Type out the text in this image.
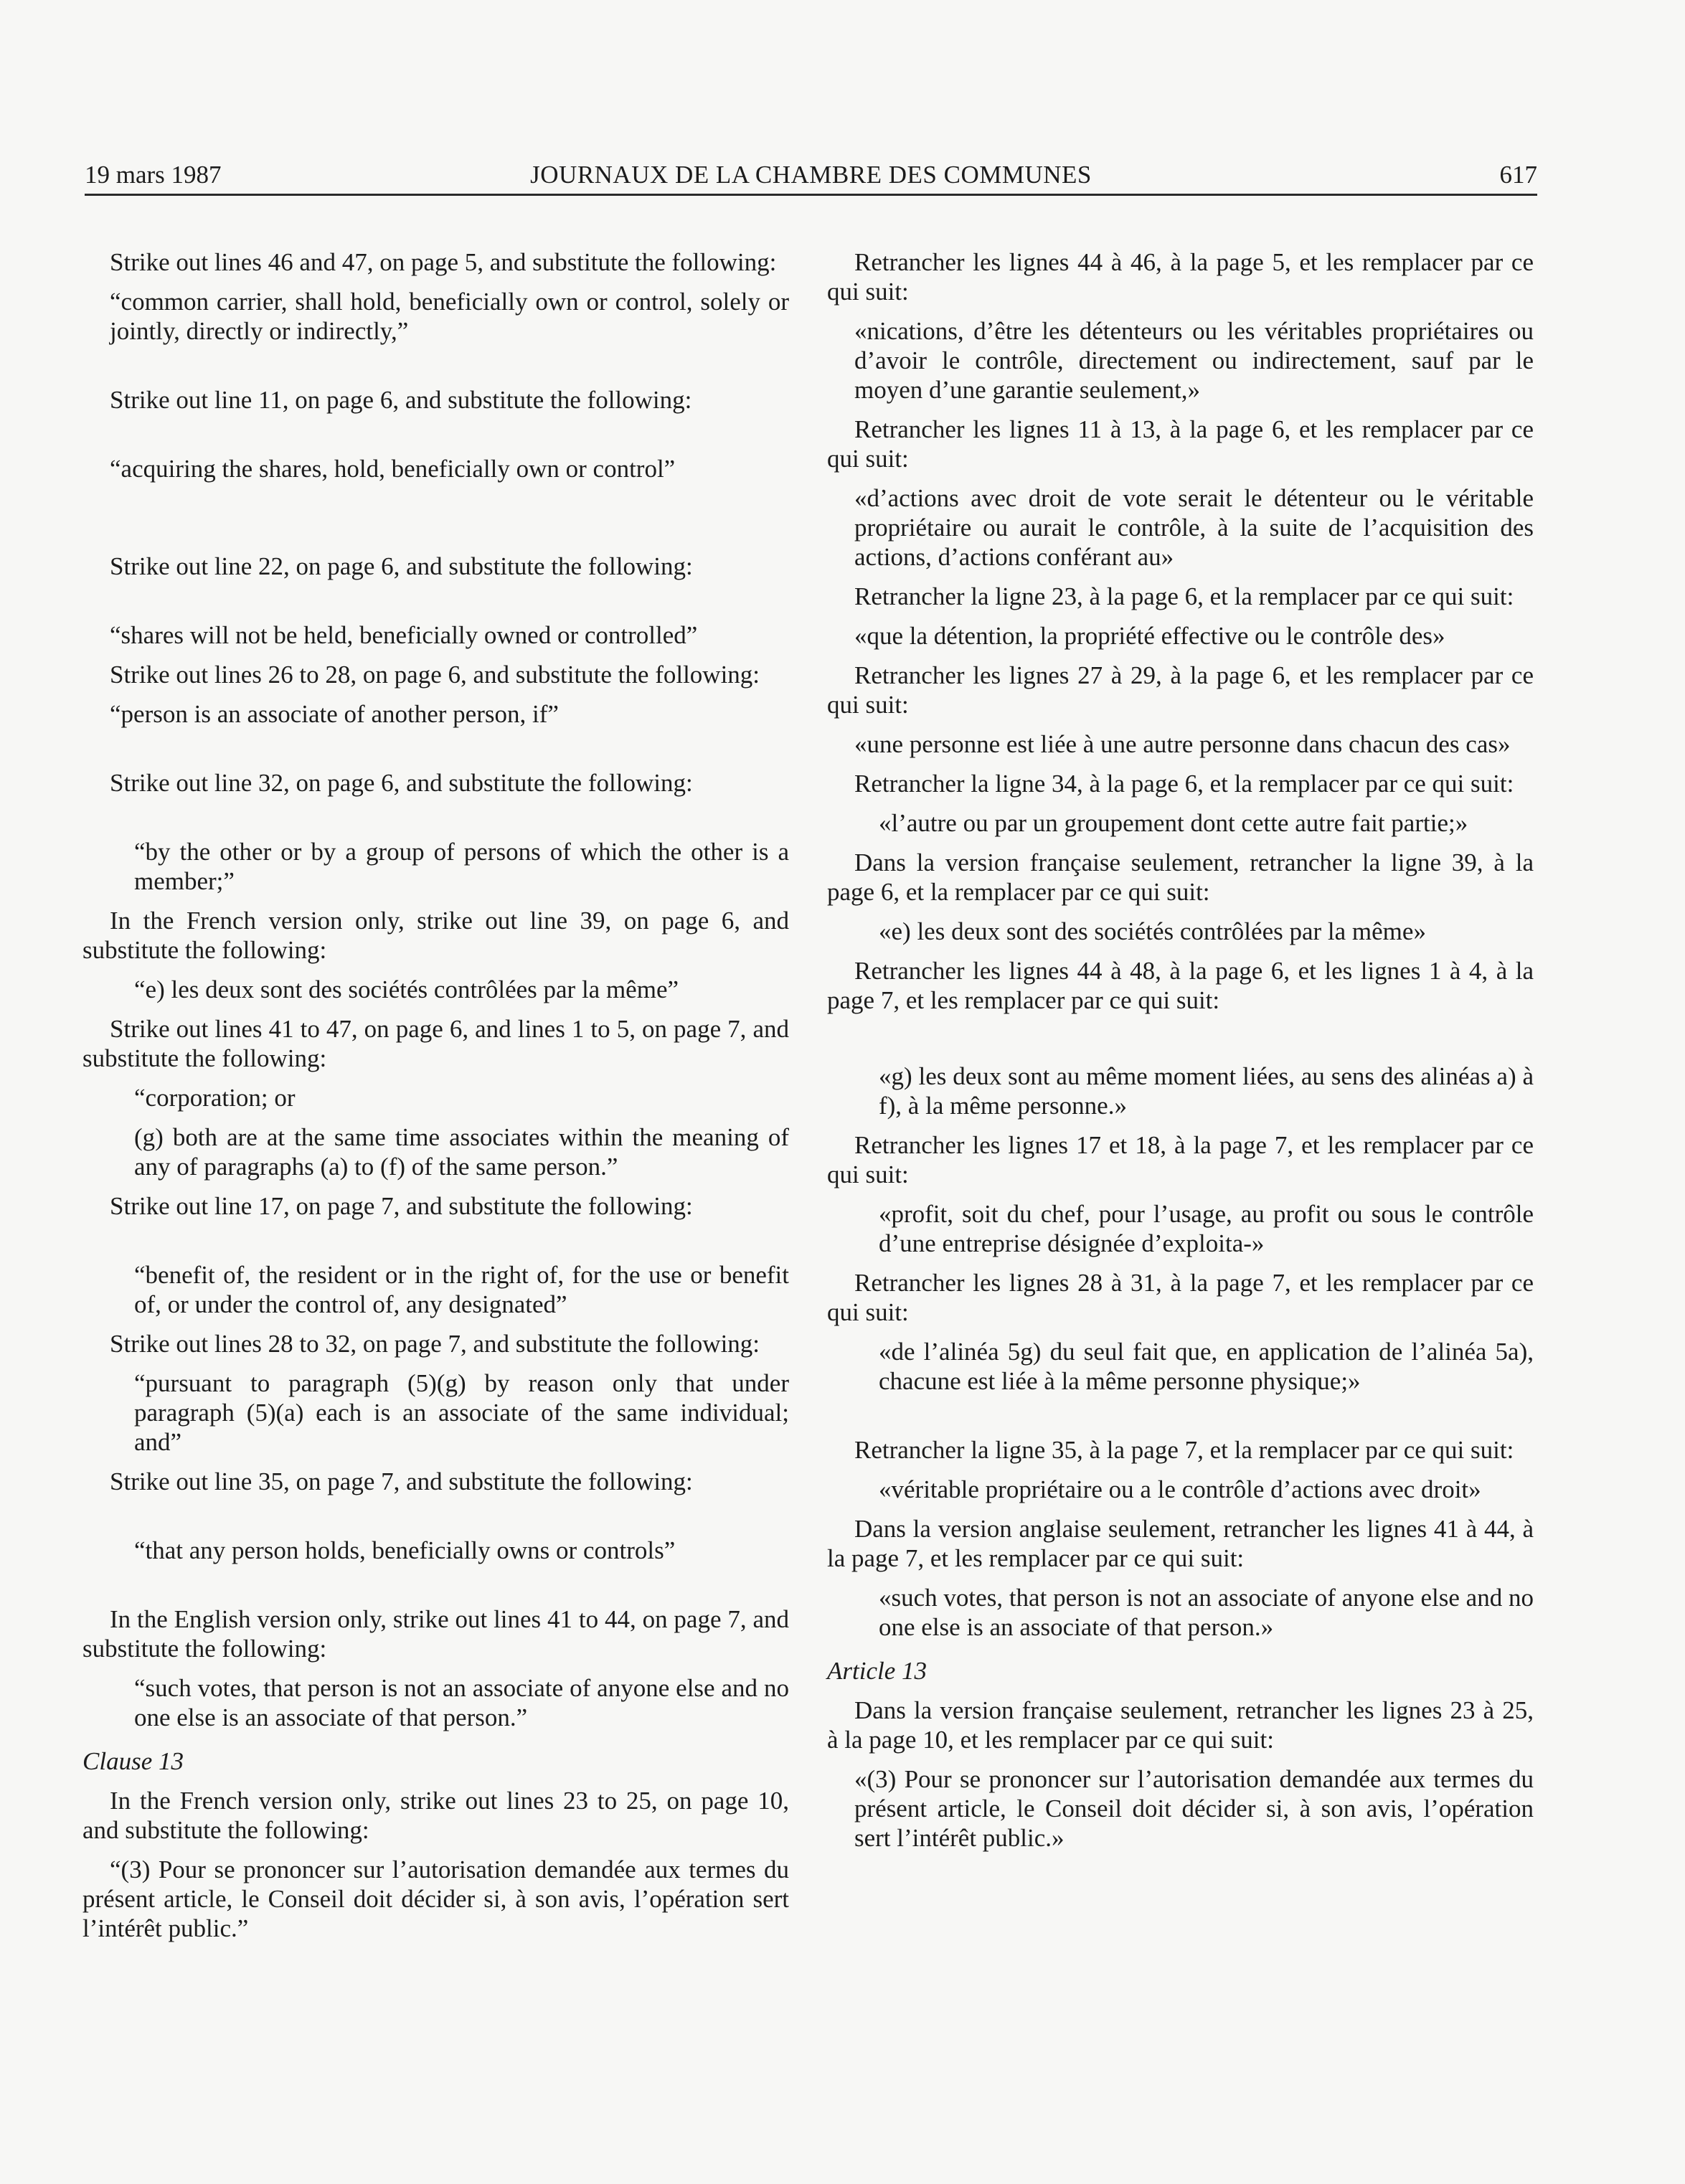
19 mars 1987	JOURNAUX DE LA CHAMBRE DES COMMUNES	617
Strike out lines 46 and 47, on page 5, and substitute the following:
“common carrier, shall hold, beneficially own or control, solely or jointly, directly or indirectly,”
Strike out line 11, on page 6, and substitute the following:
“acquiring the shares, hold, beneficially own or control”
Strike out line 22, on page 6, and substitute the following:
“shares will not be held, beneficially owned or controlled”
Strike out lines 26 to 28, on page 6, and substitute the following:
“person is an associate of another person, if”
Strike out line 32, on page 6, and substitute the following:
“by the other or by a group of persons of which the other is a member;”
In the French version only, strike out line 39, on page 6, and substitute the following:
“e) les deux sont des sociétés contrôlées par la même”
Strike out lines 41 to 47, on page 6, and lines 1 to 5, on page 7, and substitute the following:
“corporation; or
(g) both are at the same time associates within the meaning of any of paragraphs (a) to (f) of the same person.”
Strike out line 17, on page 7, and substitute the following:
“benefit of, the resident or in the right of, for the use or benefit of, or under the control of, any designated”
Strike out lines 28 to 32, on page 7, and substitute the following:
“pursuant to paragraph (5)(g) by reason only that under paragraph (5)(a) each is an associate of the same individual; and”
Strike out line 35, on page 7, and substitute the following:
“that any person holds, beneficially owns or controls”
In the English version only, strike out lines 41 to 44, on page 7, and substitute the following:
“such votes, that person is not an associate of anyone else and no one else is an associate of that person.”
Clause 13
In the French version only, strike out lines 23 to 25, on page 10, and substitute the following:
“(3) Pour se prononcer sur l’autorisation demandée aux termes du présent article, le Conseil doit décider si, à son avis, l’opération sert l’intérêt public.”
Retrancher les lignes 44 à 46, à la page 5, et les remplacer par ce qui suit:
«nications, d’être les détenteurs ou les véritables propriétaires ou d’avoir le contrôle, directement ou indirectement, sauf par le moyen d’une garantie seulement,»
Retrancher les lignes 11 à 13, à la page 6, et les remplacer par ce qui suit:
«d’actions avec droit de vote serait le détenteur ou le véritable propriétaire ou aurait le contrôle, à la suite de l’acquisition des actions, d’actions conférant au»
Retrancher la ligne 23, à la page 6, et la remplacer par ce qui suit:
«que la détention, la propriété effective ou le contrôle des»
Retrancher les lignes 27 à 29, à la page 6, et les remplacer par ce qui suit:
«une personne est liée à une autre personne dans chacun des cas»
Retrancher la ligne 34, à la page 6, et la remplacer par ce qui suit:
«l’autre ou par un groupement dont cette autre fait partie;»
Dans la version française seulement, retrancher la ligne 39, à la page 6, et la remplacer par ce qui suit:
«e) les deux sont des sociétés contrôlées par la même»
Retrancher les lignes 44 à 48, à la page 6, et les lignes 1 à 4, à la page 7, et les remplacer par ce qui suit:
«g) les deux sont au même moment liées, au sens des alinéas a) à f), à la même personne.»
Retrancher les lignes 17 et 18, à la page 7, et les remplacer par ce qui suit:
«profit, soit du chef, pour l’usage, au profit ou sous le contrôle d’une entreprise désignée d’exploita-»
Retrancher les lignes 28 à 31, à la page 7, et les remplacer par ce qui suit:
«de l’alinéa 5g) du seul fait que, en application de l’alinéa 5a), chacune est liée à la même personne physique;»
Retrancher la ligne 35, à la page 7, et la remplacer par ce qui suit:
«véritable propriétaire ou a le contrôle d’actions avec droit»
Dans la version anglaise seulement, retrancher les lignes 41 à 44, à la page 7, et les remplacer par ce qui suit:
«such votes, that person is not an associate of anyone else and no one else is an associate of that person.»
Article 13
Dans la version française seulement, retrancher les lignes 23 à 25, à la page 10, et les remplacer par ce qui suit:
«(3) Pour se prononcer sur l’autorisation demandée aux termes du présent article, le Conseil doit décider si, à son avis, l’opération sert l’intérêt public.»
